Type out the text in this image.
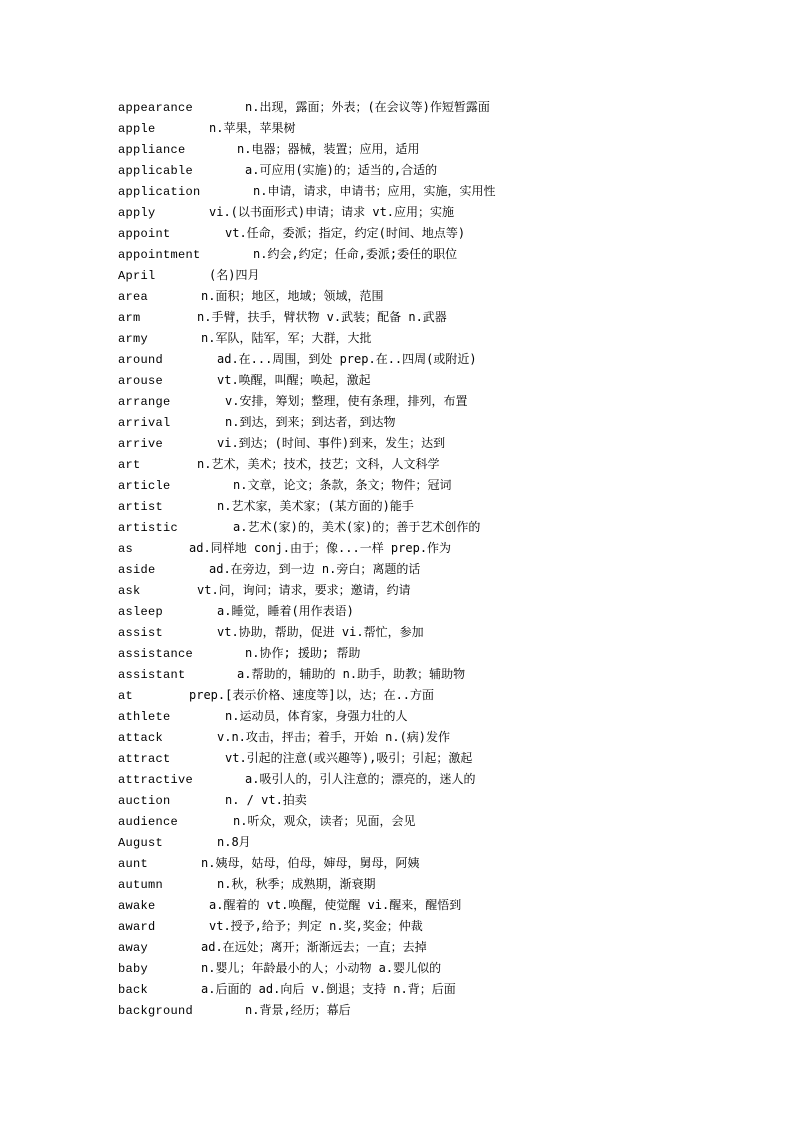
appearance	n.出现，露面；外表；(在会议等)作短暂露面
apple	n.苹果，苹果树
appliance	n.电器；器械，装置；应用，适用
applicable	a.可应用(实施)的；适当的,合适的
application	n.申请，请求，申请书；应用，实施，实用性
apply	vi.(以书面形式)申请；请求 vt.应用；实施
appoint	vt.任命，委派；指定，约定(时间、地点等)
appointment	n.约会,约定；任命,委派;委任的职位
April	(名)四月
area	n.面积；地区，地域；领域，范围
arm	n.手臂，扶手，臂状物 v.武装；配备 n.武器
army	n.军队，陆军，军；大群，大批
around	ad.在...周围，到处 prep.在..四周(或附近)
arouse	vt.唤醒，叫醒；唤起，激起
arrange	v.安排，筹划；整理，使有条理，排列，布置
arrival	n.到达，到来；到达者，到达物
arrive	vi.到达；(时间、事件)到来，发生；达到
art	n.艺术，美术；技术，技艺；文科，人文科学
article	n.文章，论文；条款，条文；物件；冠词
artist	n.艺术家，美术家；(某方面的)能手
artistic	a.艺术(家)的，美术(家)的；善于艺术创作的
as	ad.同样地 conj.由于；像...一样 prep.作为
aside	ad.在旁边，到一边 n.旁白；离题的话
ask	vt.问，询问；请求，要求；邀请，约请
asleep	a.睡觉，睡着(用作表语)
assist	vt.协助，帮助，促进 vi.帮忙，参加
assistance	n.协作; 援助; 帮助
assistant	a.帮助的，辅助的 n.助手，助教；辅助物
at	prep.[表示价格、速度等]以，达；在..方面
athlete	n.运动员，体育家，身强力壮的人
attack	v.n.攻击，抨击；着手，开始 n.(病)发作
attract	vt.引起的注意(或兴趣等),吸引；引起；激起
attractive	a.吸引人的，引人注意的；漂亮的，迷人的
auction	n. / vt.拍卖
audience	n.听众，观众，读者；见面，会见
August	n.8月
aunt	n.姨母，姑母，伯母，婶母，舅母，阿姨
autumn	n.秋，秋季；成熟期，渐衰期
awake	a.醒着的 vt.唤醒，使觉醒 vi.醒来，醒悟到
award	vt.授予,给予；判定 n.奖,奖金；仲裁
away	ad.在远处；离开；渐渐远去；一直；去掉
baby	n.婴儿；年龄最小的人；小动物 a.婴儿似的
back	a.后面的 ad.向后 v.倒退；支持 n.背；后面
background	n.背景,经历；幕后
